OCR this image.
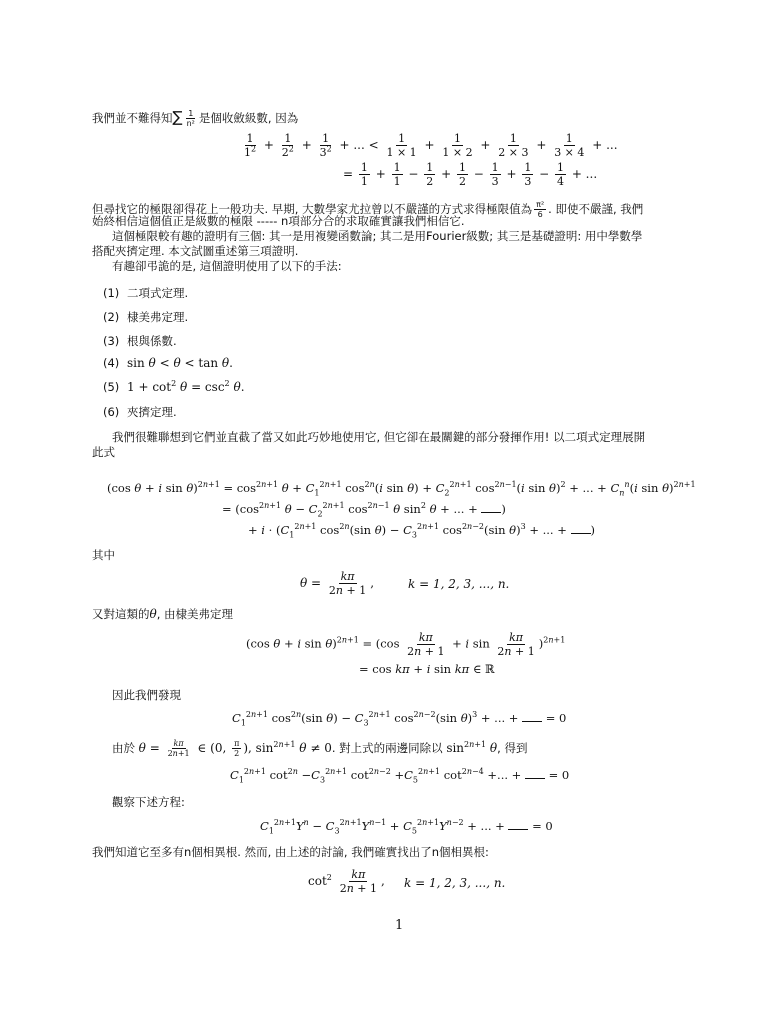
我們並不難得知∑ $\frac{1}{\text{n²}}$ 是個收斂級數, 因為
$\frac{1}{1^2} + \frac{1}{2^2} + \frac{1}{3^2}$ + ... < $\frac{1}{1 \times 1} + \frac{1}{1 \times 2} + \frac{1}{2 \times 3} + \frac{1}{3 \times 4}$ + ...
= $\frac{1}{1} + \frac{1}{1} - \frac{1}{2} + \frac{1}{2} - \frac{1}{3} + \frac{1}{3} - \frac{1}{4}$ + ...
但尋找它的極限卻得花上一般功夫. 早期, 大數學家尤拉曾以不嚴謹的方式求得極限值為 $\frac{\text{π²}}{6}$ . 即使不嚴謹, 我們
始終相信這個值正是級數的極限 ----- n項部分合的求取確實讓我們相信它.
這個極限較有趣的證明有三個: 其一是用複變函數論; 其二是用Fourier級數; 其三是基礎證明: 用中學數學
搭配夾擠定理. 本文試圖重述第三項證明.
有趣卻弔詭的是, 這個證明使用了以下的手法:
(1) 二項式定理.
(2) 棣美弗定理.
(3) 根與係數.
(4) sin θ < θ < tan θ.
(5) $1 + \cot^2 \theta = \csc^2 \theta$.
(6) 夾擠定理.
我們很難聯想到它們並直截了當又如此巧妙地使用它, 但它卻在最關鍵的部分發揮作用! 以二項式定理展開
此式
(cos θ + i $\sin \theta)^{2n+1} = \cos^{2n+1} \theta + C_1^{2n+1}$ $\cos^{2n}(i$ $\sin \theta) + C_2^{2n+1}$ $\cos^{2n-1}(i$ sin θ)$^2$ + ... + $C_n^n(i$ sin θ)$^{2n+1}$
= ($\cos^{2n+1}$ $\theta - C_2^{2n+1}$ $\cos^{2n-1} \theta$ $\sin^2 \theta$ + ... + )
+ $i \cdot (C_1^{2n+1}$ $\cos^{2n}(\sin$ $\theta) - C_3^{2n+1}$ $\cos^{2n-2}(\sin$ θ)$^3$ + ... + )
其中
$\theta = \frac{k\pi}{2n + 1}$ ,	k = 1, 2, 3, ..., n.
又對這類的θ, 由棣美弗定理
(cos θ + i $\sin \theta)^{2n+1} = (\cos \frac{k\pi}{2n + 1} + i$ $\sin \frac{k\pi}{2n + 1} )^{2n+1}$
= cos kπ + i sin kπ ∈ ℝ
因此我們發現
$C_1^{2n+1}$ $\cos^{2n}(\sin$ $\theta) - C_3^{2n+1}$ $\cos^{2n-2}(\sin$ θ)$^3$ + ... +  = 0
由於 $\theta = \frac{k\pi}{2n+1}$ ∈ (0, $\frac{\pi}{2}$ ), $\sin^{2n+1} \theta \ne 0$. 對上式的兩邊同除以 $\sin^{2n+1} \theta$, 得到
$C_1^{2n+1}$ $\cot^{2n} -C_3^{2n+1}$ $\cot^{2n-2} +C_5^{2n+1}$ $\cot^{2n-4}$ +... +  = 0
觀察下述方程:
$C_1^{2n+1}Y^n - C_3^{2n+1}Y^{n-1} + C_5^{2n+1}Y^{n-2}$ + ... +  = 0
我們知道它至多有n個相異根. 然而, 由上述的討論, 我們確實找出了n個相異根:
$\cot^2 \frac{k\pi}{2n + 1}$ , k = 1, 2, 3, ..., n.
1
